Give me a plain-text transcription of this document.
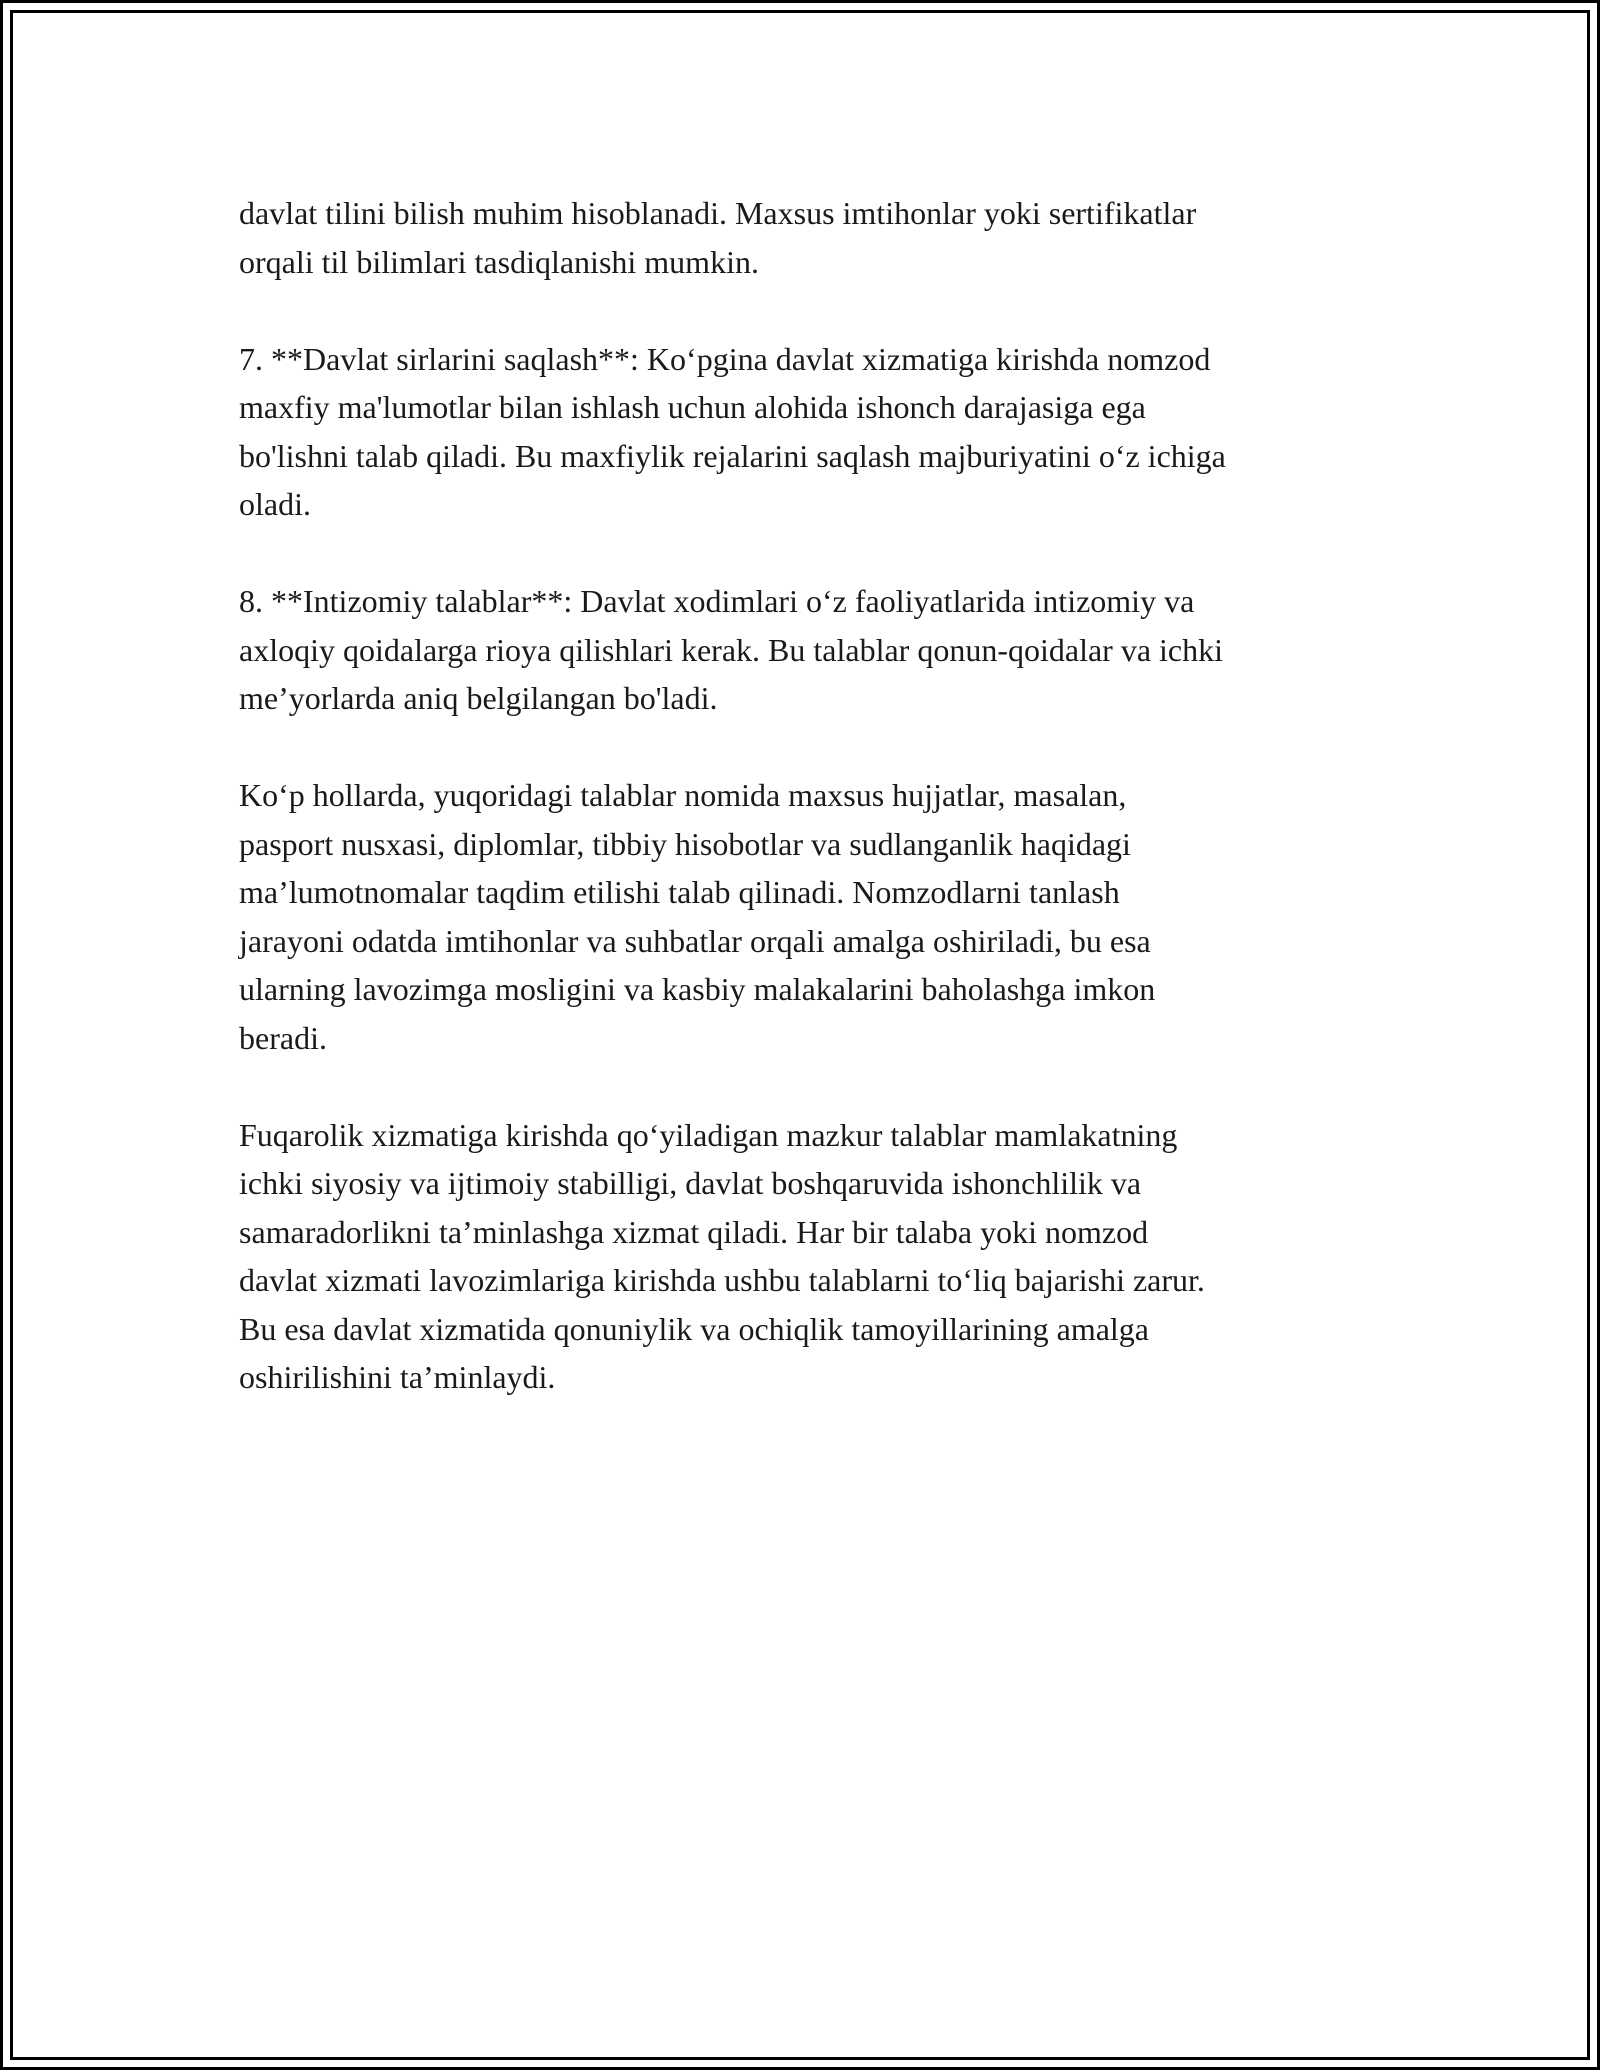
davlat tilini bilish muhim hisoblanadi. Maxsus imtihonlar yoki sertifikatlar
orqali til bilimlari tasdiqlanishi mumkin.

7. **Davlat sirlarini saqlash**: Ko‘pgina davlat xizmatiga kirishda nomzod
maxfiy ma'lumotlar bilan ishlash uchun alohida ishonch darajasiga ega
bo'lishni talab qiladi. Bu maxfiylik rejalarini saqlash majburiyatini o‘z ichiga
oladi.

8. **Intizomiy talablar**: Davlat xodimlari o‘z faoliyatlarida intizomiy va
axloqiy qoidalarga rioya qilishlari kerak. Bu talablar qonun-qoidalar va ichki
me’yorlarda aniq belgilangan bo'ladi.

Ko‘p hollarda, yuqoridagi talablar nomida maxsus hujjatlar, masalan,
pasport nusxasi, diplomlar, tibbiy hisobotlar va sudlanganlik haqidagi
ma’lumotnomalar taqdim etilishi talab qilinadi. Nomzodlarni tanlash
jarayoni odatda imtihonlar va suhbatlar orqali amalga oshiriladi, bu esa
ularning lavozimga mosligini va kasbiy malakalarini baholashga imkon
beradi.

Fuqarolik xizmatiga kirishda qo‘yiladigan mazkur talablar mamlakatning
ichki siyosiy va ijtimoiy stabilligi, davlat boshqaruvida ishonchlilik va
samaradorlikni ta’minlashga xizmat qiladi. Har bir talaba yoki nomzod
davlat xizmati lavozimlariga kirishda ushbu talablarni to‘liq bajarishi zarur.
Bu esa davlat xizmatida qonuniylik va ochiqlik tamoyillarining amalga
oshirilishini ta’minlaydi.
